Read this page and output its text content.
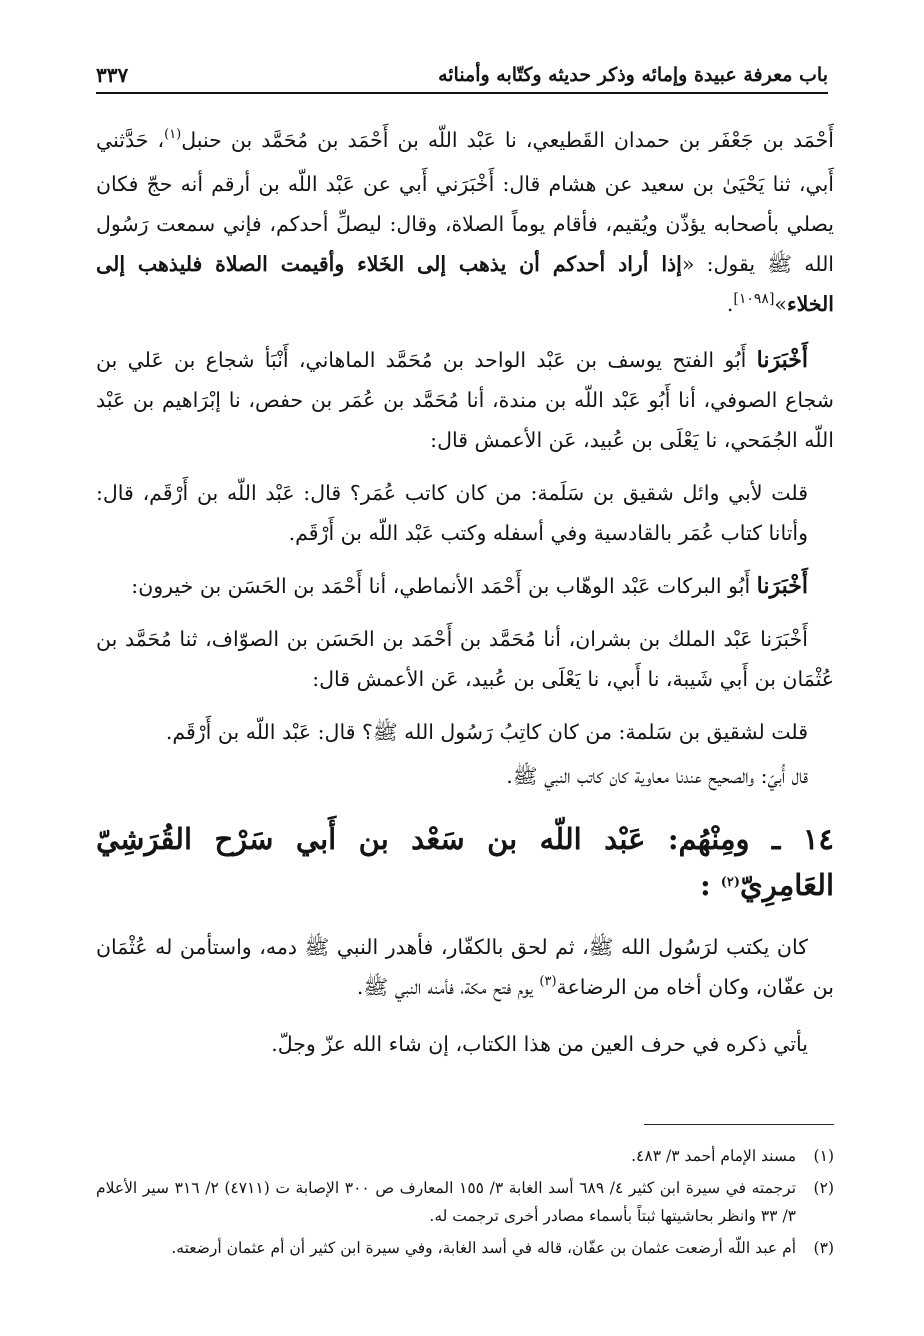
باب معرفة عبيدة وإمائه وذكر حديثه وكتّابه وأمنائه
٣٣٧

أَحْمَد بن جَعْفَر بن حمدان القَطيعي، نا عَبْد اللّه بن أَحْمَد بن مُحَمَّد بن حنبل$^{(١)}$، حَدَّثني أَبي، ثنا يَحْيَىٰ بن سعيد عن هشام قال: أَخْبَرَني أَبي عن عَبْد اللّه بن أرقم أنه حجّ فكان يصلي بأصحابه يؤذّن ويُقيم، فأقام يوماً الصلاة، وقال: ليصلِّ أحدكم، فإني سمعت رَسُول الله ﷺ يقول: «إذا أراد أحدكم أن يذهب إلى الخَلاء وأقيمت الصلاة فليذهب إلى الخلاء»[١٠٩٨].

أَخْبَرَنا أَبُو الفتح يوسف بن عَبْد الواحد بن مُحَمَّد الماهاني، أَنْبَأ شجاع بن عَلي بن شجاع الصوفي، أنا أَبُو عَبْد اللّه بن مندة، أنا مُحَمَّد بن عُمَر بن حفص، نا إبْرَاهيم بن عَبْد اللّه الجُمَحي، نا يَعْلَى بن عُبيد، عَن الأعمش قال:

قلت لأبي وائل شقيق بن سَلَمة: من كان كاتب عُمَر؟ قال: عَبْد اللّه بن أَرْقَم، قال: وأتانا كتاب عُمَر بالقادسية وفي أسفله وكتب عَبْد اللّه بن أَرْقَم.

أَخْبَرَنا أَبُو البركات عَبْد الوهّاب بن أَحْمَد الأنماطي، أنا أَحْمَد بن الحَسَن بن خيرون:

أَخْبَرَنا عَبْد الملك بن بشران، أنا مُحَمَّد بن أَحْمَد بن الحَسَن بن الصوّاف، ثنا مُحَمَّد بن عُثْمَان بن أَبي شَيبة، نا أَبي، نا يَعْلَى بن عُبيد، عَن الأعمش قال:

قلت لشقيق بن سَلمة: من كان كاتِبُ رَسُول الله ﷺ؟ قال: عَبْد اللّه بن أَرْقَم.

قال أُبيّ: والصحيح عندنا معاوية كان كاتب النبي ﷺ.

١٤ ـ ومِنْهُم: عَبْد اللّه بن سَعْد بن أَبي سَرْح القُرَشِيّ العَامِرِيّ$^{(٢)}$ :

كان يكتب لرَسُول الله ﷺ، ثم لحق بالكفّار، فأهدر النبي ﷺ دمه، واستأمن له عُثْمَان بن عفّان، وكان أخاه من الرضاعة$^{(٣)}$ يوم فتح مكة، فأمنه النبي ﷺ.

يأتي ذكره في حرف العين من هذا الكتاب، إن شاء الله عزّ وجلّ.

(١)
مسند الإمام أحمد ٣/ ٤٨٣.
(٢)
ترجمته في سيرة ابن كثير ٤/ ٦٨٩ أسد الغابة ٣/ ١٥٥ المعارف ص ٣٠٠ الإصابة ت (٤٧١١) ٢/ ٣١٦ سير الأعلام ٣/ ٣٣ وانظر بحاشيتها ثبتاً بأسماء مصادر أخرى ترجمت له.
(٣)
أم عبد اللّه أرضعت عثمان بن عفّان، قاله في أسد الغابة، وفي سيرة ابن كثير أن أم عثمان أرضعته.
